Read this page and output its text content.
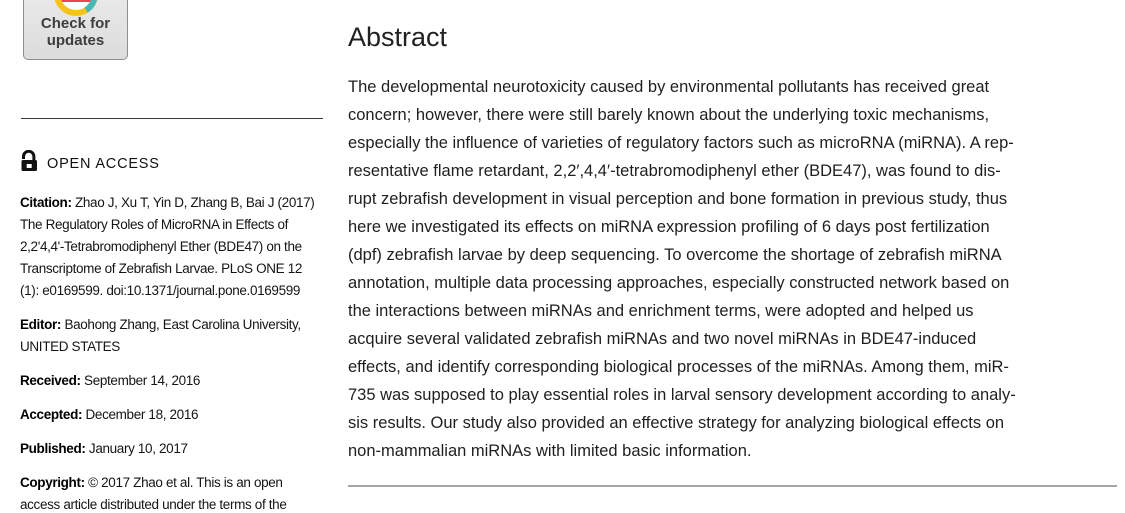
Check for
updates
OPEN ACCESS

Citation: Zhao J, Xu T, Yin D, Zhang B, Bai J (2017)
The Regulatory Roles of MicroRNA in Effects of
2,2'4,4'-Tetrabromodiphenyl Ether (BDE47) on the
Transcriptome of Zebrafish Larvae. PLoS ONE 12
(1): e0169599. doi:10.1371/journal.pone.0169599

Editor: Baohong Zhang, East Carolina University,
UNITED STATES

Received: September 14, 2016

Accepted: December 18, 2016

Published: January 10, 2017

Copyright: © 2017 Zhao et al. This is an open
access article distributed under the terms of the

Abstract
The developmental neurotoxicity caused by environmental pollutants has received great
concern; however, there were still barely known about the underlying toxic mechanisms,
especially the influence of varieties of regulatory factors such as microRNA (miRNA). A rep-
resentative flame retardant, 2,2′,4,4′-tetrabromodiphenyl ether (BDE47), was found to dis-
rupt zebrafish development in visual perception and bone formation in previous study, thus
here we investigated its effects on miRNA expression profiling of 6 days post fertilization
(dpf) zebrafish larvae by deep sequencing. To overcome the shortage of zebrafish miRNA
annotation, multiple data processing approaches, especially constructed network based on
the interactions between miRNAs and enrichment terms, were adopted and helped us
acquire several validated zebrafish miRNAs and two novel miRNAs in BDE47-induced
effects, and identify corresponding biological processes of the miRNAs. Among them, miR-
735 was supposed to play essential roles in larval sensory development according to analy-
sis results. Our study also provided an effective strategy for analyzing biological effects on
non-mammalian miRNAs with limited basic information.
